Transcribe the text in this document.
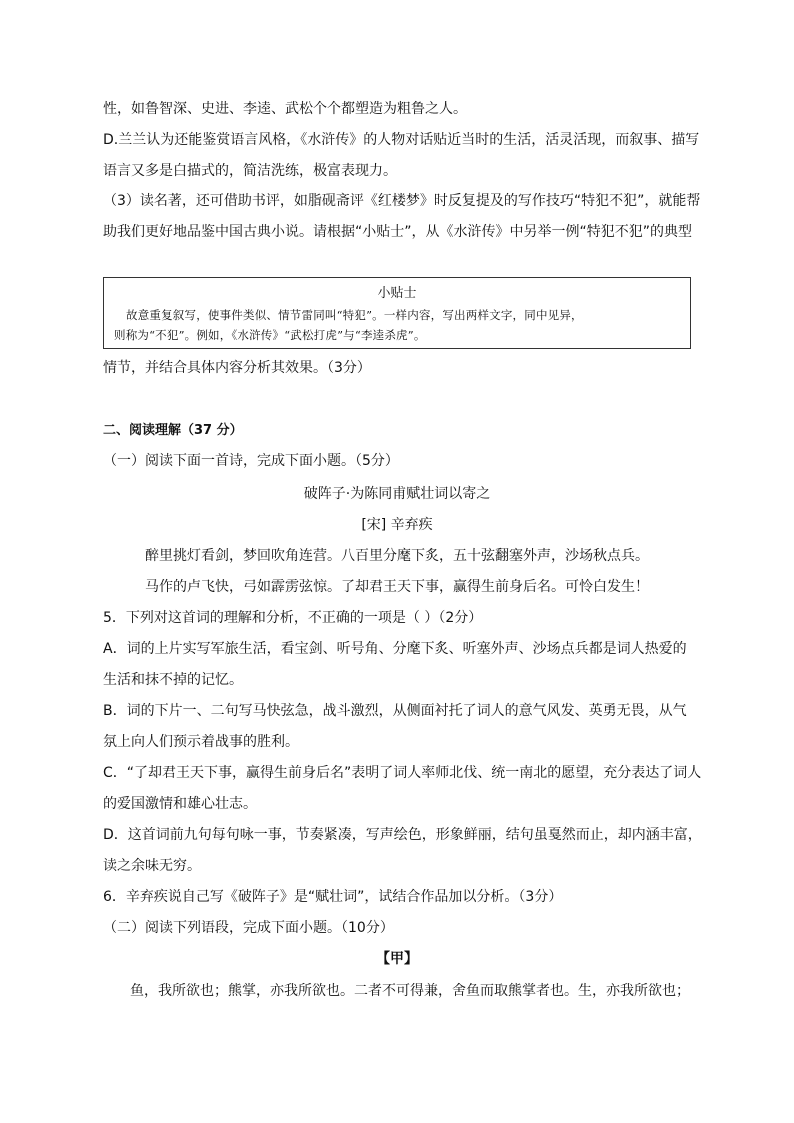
性，如鲁智深、史进、李逵、武松个个都塑造为粗鲁之人。

D.兰兰认为还能鉴赏语言风格，《水浒传》的人物对话贴近当时的生活，活灵活现，而叙事、描写

语言又多是白描式的，简洁洗练，极富表现力。

（3）读名著，还可借助书评，如脂砚斋评《红楼梦》时反复提及的写作技巧“特犯不犯”，就能帮

助我们更好地品鉴中国古典小说。请根据“小贴士”，从《水浒传》中另举一例“特犯不犯”的典型

小贴士

故意重复叙写，使事件类似、情节雷同叫“特犯”。一样内容，写出两样文字，同中见异，

则称为“不犯”。例如，《水浒传》“武松打虎”与“李逵杀虎”。

情节，并结合具体内容分析其效果。（3分）

二、阅读理解（37 分）

（一）阅读下面一首诗，完成下面小题。（5分）

破阵子·为陈同甫赋壮词以寄之

[宋] 辛弃疾

醉里挑灯看剑，梦回吹角连营。八百里分麾下炙，五十弦翻塞外声，沙场秋点兵。

马作的卢飞快，弓如霹雳弦惊。了却君王天下事，赢得生前身后名。可怜白发生！

5．下列对这首词的理解和分析，不正确的一项是（ ）（2分）

A．词的上片实写军旅生活，看宝剑、听号角、分麾下炙、听塞外声、沙场点兵都是词人热爱的

生活和抹不掉的记忆。

B．词的下片一、二句写马快弦急，战斗激烈，从侧面衬托了词人的意气风发、英勇无畏，从气

氛上向人们预示着战事的胜利。

C．“了却君王天下事，赢得生前身后名”表明了词人率师北伐、统一南北的愿望，充分表达了词人

的爱国激情和雄心壮志。

D．这首词前九句每句咏一事，节奏紧凑，写声绘色，形象鲜丽，结句虽戛然而止，却内涵丰富，

读之余味无穷。

6．辛弃疾说自己写《破阵子》是“赋壮词”，试结合作品加以分析。（3分）

（二）阅读下列语段，完成下面小题。（10分）

【甲】

鱼，我所欲也；熊掌，亦我所欲也。二者不可得兼，舍鱼而取熊掌者也。生，亦我所欲也；
